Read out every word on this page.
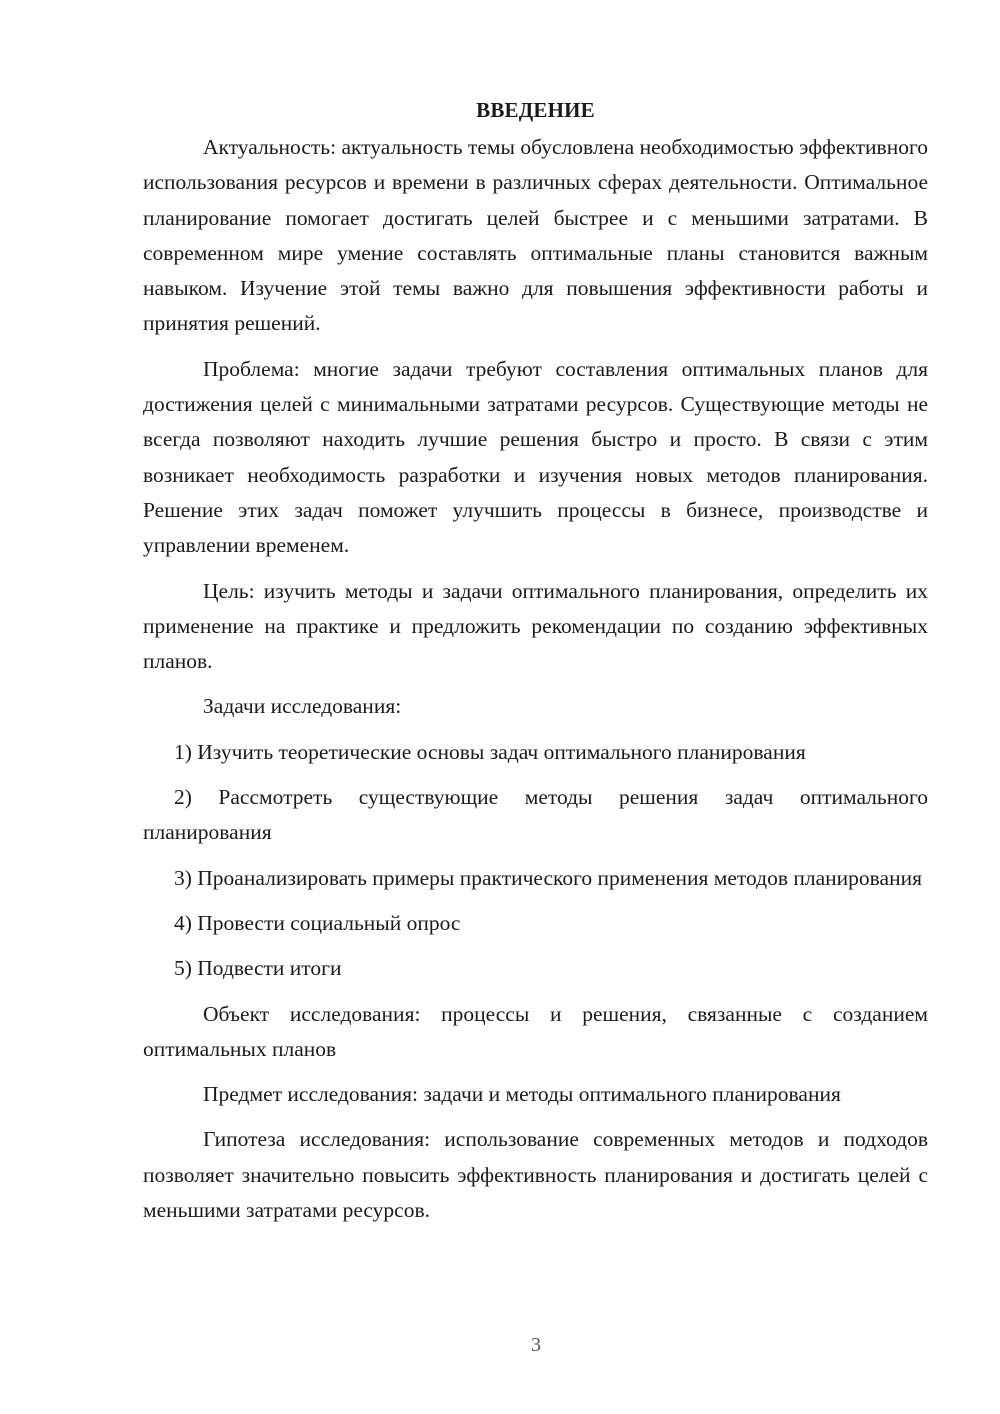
ВВЕДЕНИЕ

Актуальность: актуальность темы обусловлена необходимостью эффективного использования ресурсов и времени в различных сферах деятельности. Оптимальное планирование помогает достигать целей быстрее и с меньшими затратами. В современном мире умение составлять оптимальные планы становится важным навыком. Изучение этой темы важно для повышения эффективности работы и принятия решений.

Проблема: многие задачи требуют составления оптимальных планов для достижения целей с минимальными затратами ресурсов. Существующие методы не всегда позволяют находить лучшие решения быстро и просто. В связи с этим возникает необходимость разработки и изучения новых методов планирования. Решение этих задач поможет улучшить процессы в бизнесе, производстве и управлении временем.

Цель: изучить методы и задачи оптимального планирования, определить их применение на практике и предложить рекомендации по созданию эффективных планов.

Задачи исследования:

1) Изучить теоретические основы задач оптимального планирования

2) Рассмотреть существующие методы решения задач оптимального планирования

3) Проанализировать примеры практического применения методов планирования

4) Провести социальный опрос

5) Подвести итоги

Объект исследования: процессы и решения, связанные с созданием оптимальных планов

Предмет исследования: задачи и методы оптимального планирования

Гипотеза исследования: использование современных методов и подходов позволяет значительно повысить эффективность планирования и достигать целей с меньшими затратами ресурсов.

3
